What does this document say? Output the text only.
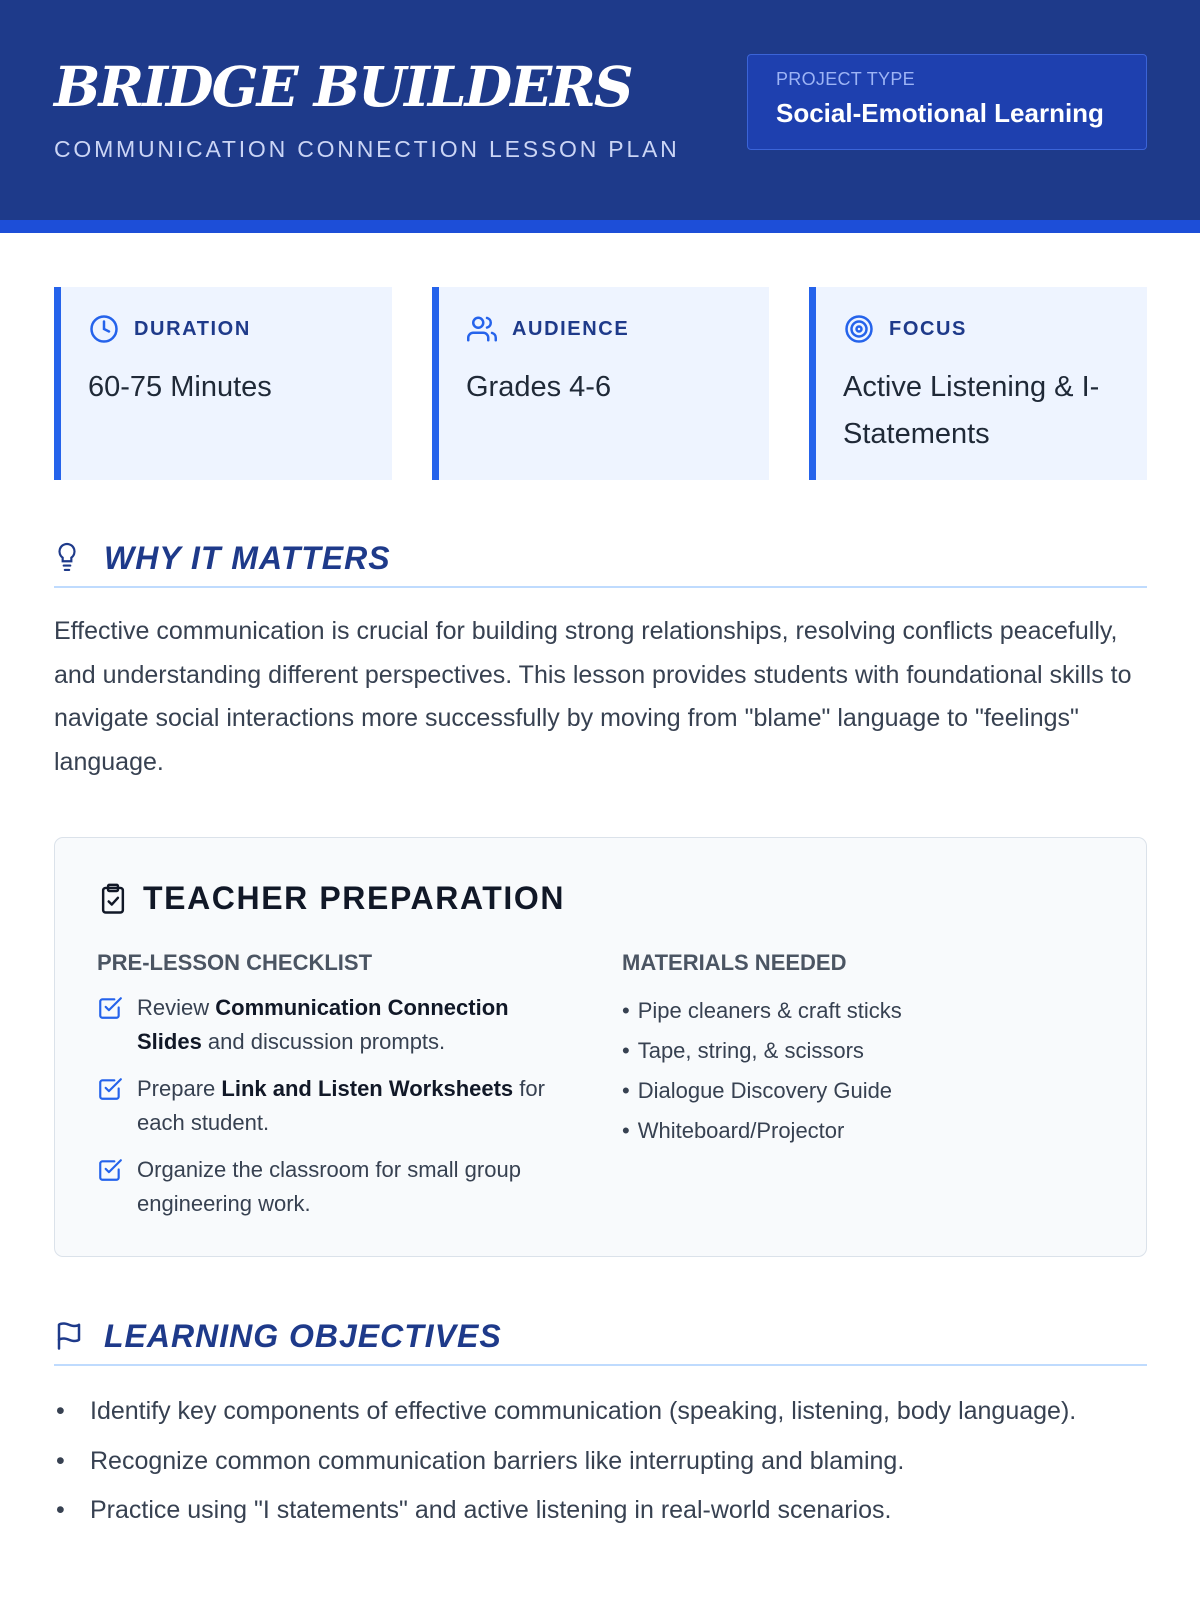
BRIDGE BUILDERS
COMMUNICATION CONNECTION LESSON PLAN
PROJECT TYPE
Social-Emotional Learning
DURATION
60-75 Minutes
AUDIENCE
Grades 4-6
FOCUS
Active Listening & I-Statements
WHY IT MATTERS

Effective communication is crucial for building strong relationships, resolving conflicts peacefully, and understanding different perspectives. This lesson provides students with foundational skills to navigate social interactions more successfully by moving from "blame" language to "feelings" language.

TEACHER PREPARATION
PRE-LESSON CHECKLIST
Review Communication Connection Slides and discussion prompts.
Prepare Link and Listen Worksheets for each student.
Organize the classroom for small group engineering work.
MATERIALS NEEDED
• Pipe cleaners & craft sticks
• Tape, string, & scissors
• Dialogue Discovery Guide
• Whiteboard/Projector
LEARNING OBJECTIVES
• Identify key components of effective communication (speaking, listening, body language).
• Recognize common communication barriers like interrupting and blaming.
• Practice using "I statements" and active listening in real-world scenarios.
